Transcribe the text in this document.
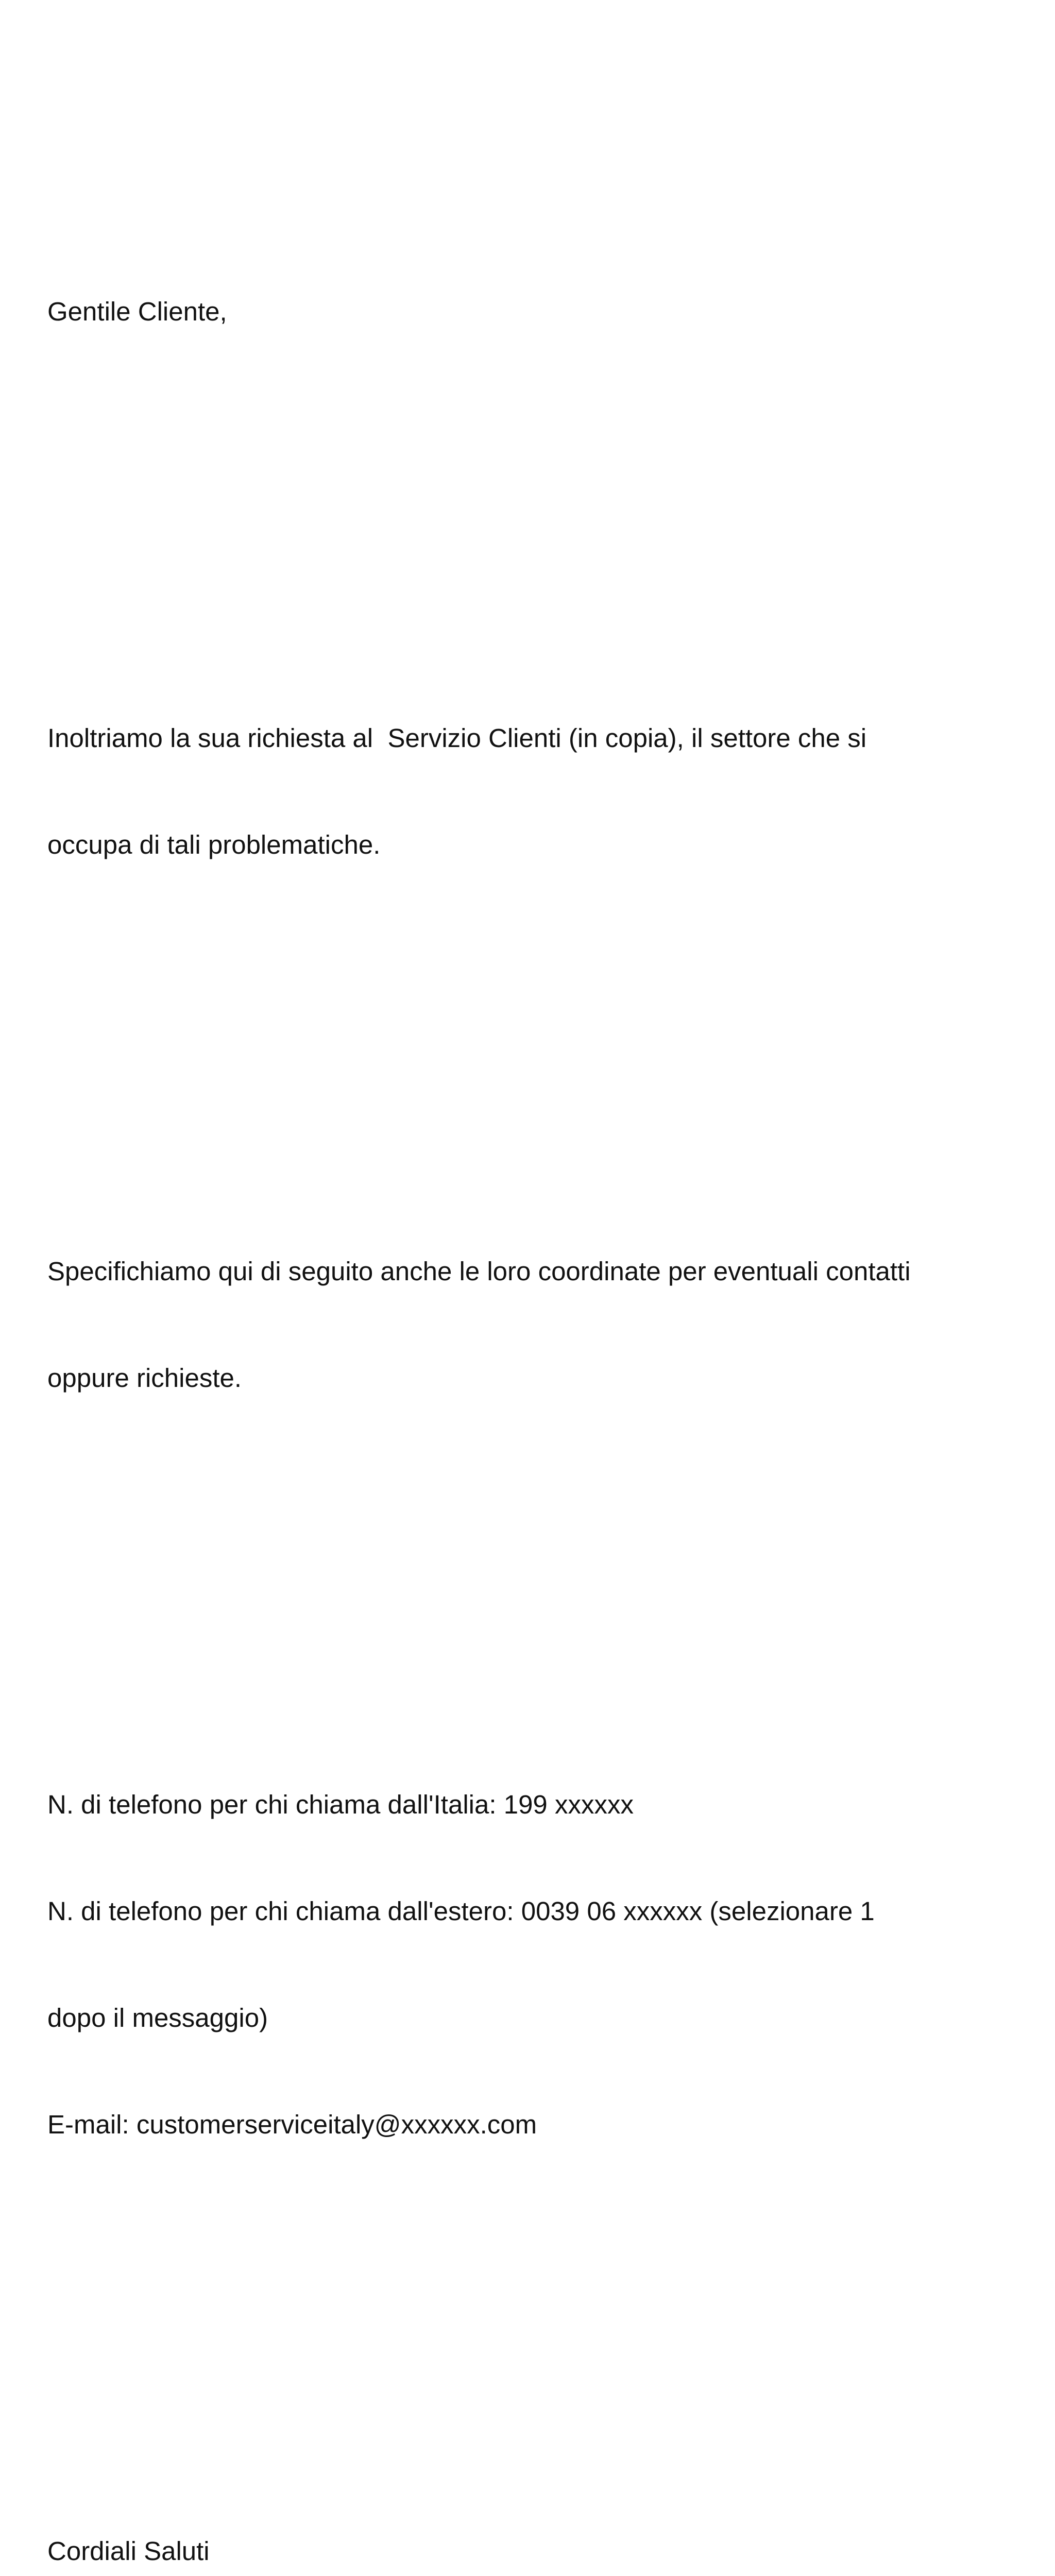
Gentile Cliente,

Inoltriamo la sua richiesta al  Servizio Clienti (in copia), il settore che si

occupa di tali problematiche.

Specifichiamo qui di seguito anche le loro coordinate per eventuali contatti

oppure richieste.

N. di telefono per chi chiama dall'Italia: 199 xxxxxx

N. di telefono per chi chiama dall'estero: 0039 06 xxxxxx (selezionare 1

dopo il messaggio)

E-mail: customerserviceitaly@xxxxxx.com

Cordiali Saluti
